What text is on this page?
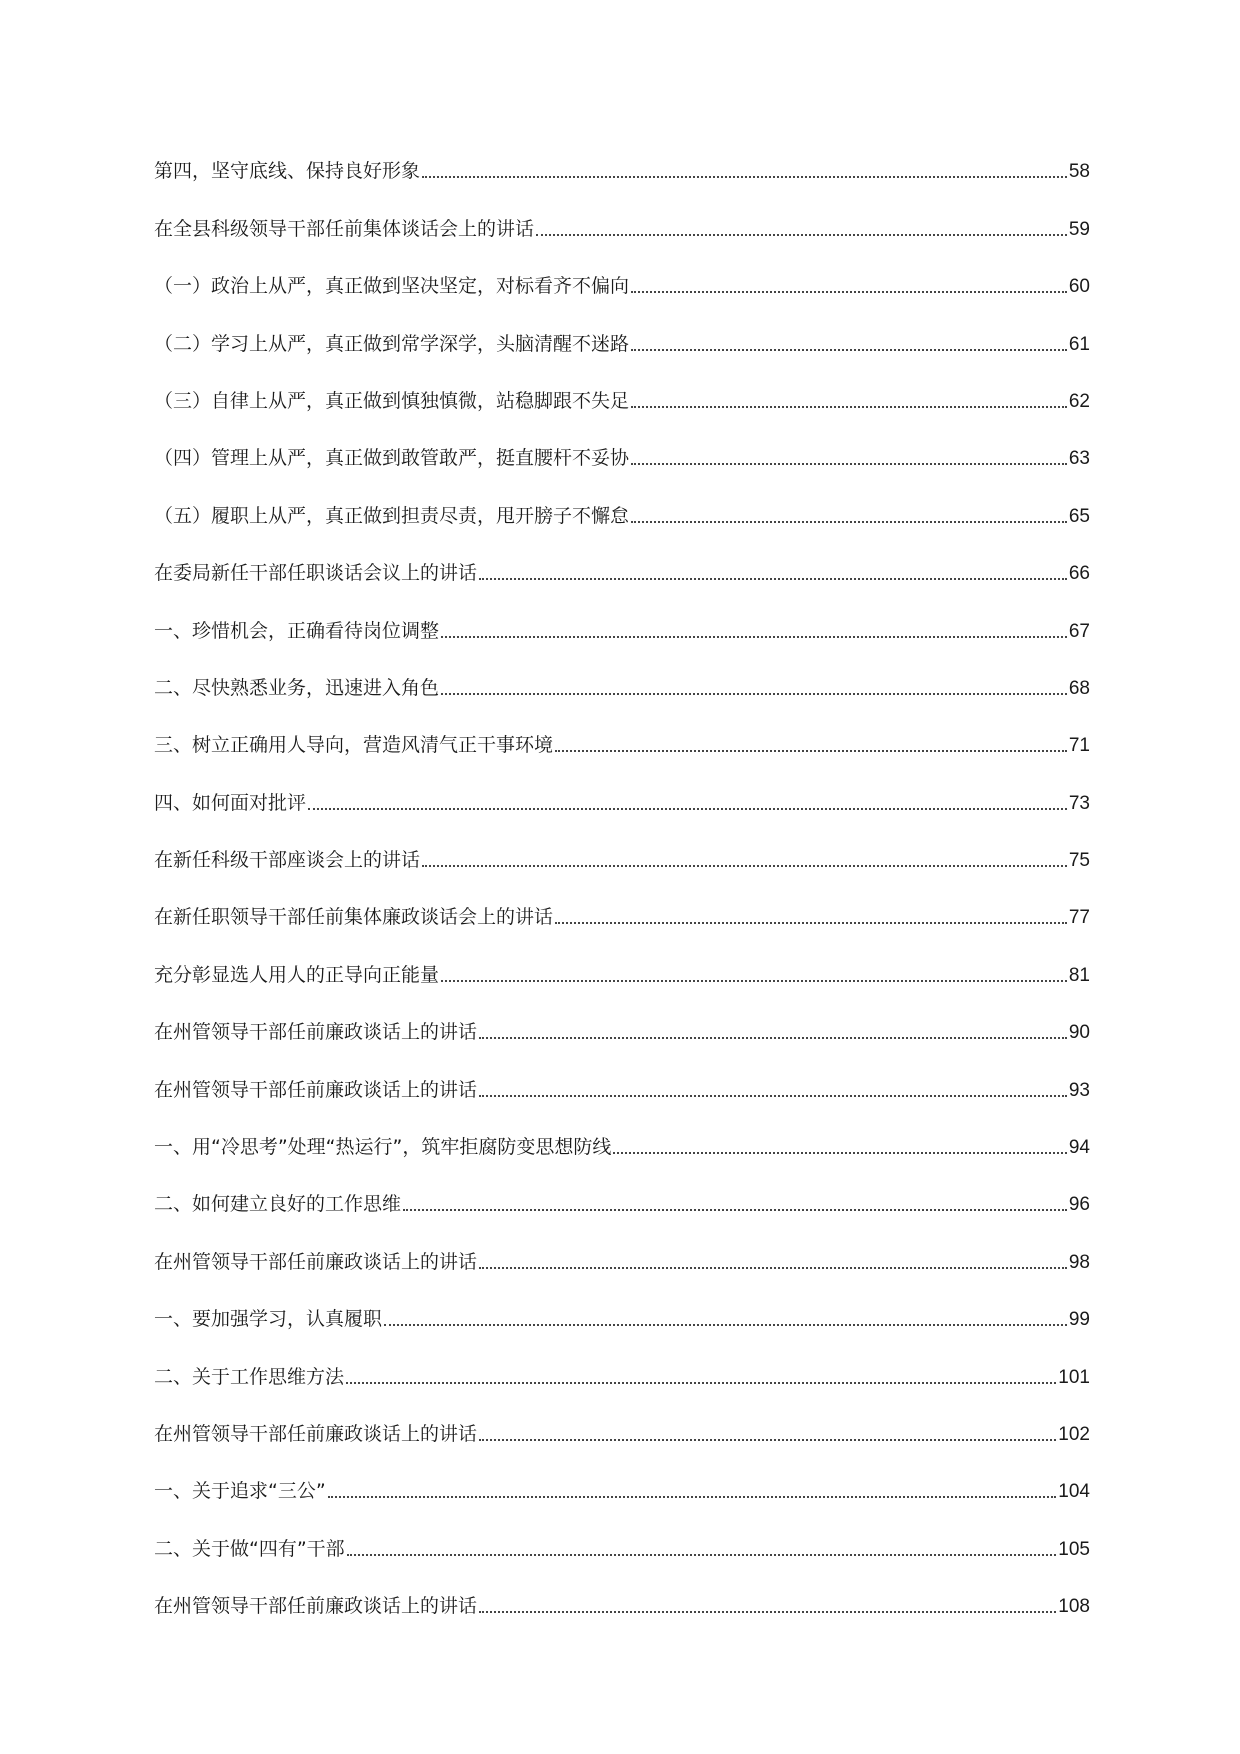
第四，坚守底线、保持良好形象	58
在全县科级领导干部任前集体谈话会上的讲话	59
（一）政治上从严，真正做到坚决坚定，对标看齐不偏向	60
（二）学习上从严，真正做到常学深学，头脑清醒不迷路	61
（三）自律上从严，真正做到慎独慎微，站稳脚跟不失足	62
（四）管理上从严，真正做到敢管敢严，挺直腰杆不妥协	63
（五）履职上从严，真正做到担责尽责，甩开膀子不懈怠	65
在委局新任干部任职谈话会议上的讲话	66
一、珍惜机会，正确看待岗位调整	67
二、尽快熟悉业务，迅速进入角色	68
三、树立正确用人导向，营造风清气正干事环境	71
四、如何面对批评	73
在新任科级干部座谈会上的讲话	75
在新任职领导干部任前集体廉政谈话会上的讲话	77
充分彰显选人用人的正导向正能量	81
在州管领导干部任前廉政谈话上的讲话	90
在州管领导干部任前廉政谈话上的讲话	93
一、用“冷思考”处理“热运行”，筑牢拒腐防变思想防线	94
二、如何建立良好的工作思维	96
在州管领导干部任前廉政谈话上的讲话	98
一、要加强学习，认真履职	99
二、关于工作思维方法	101
在州管领导干部任前廉政谈话上的讲话	102
一、关于追求“三公”	104
二、关于做“四有”干部	105
在州管领导干部任前廉政谈话上的讲话	108
